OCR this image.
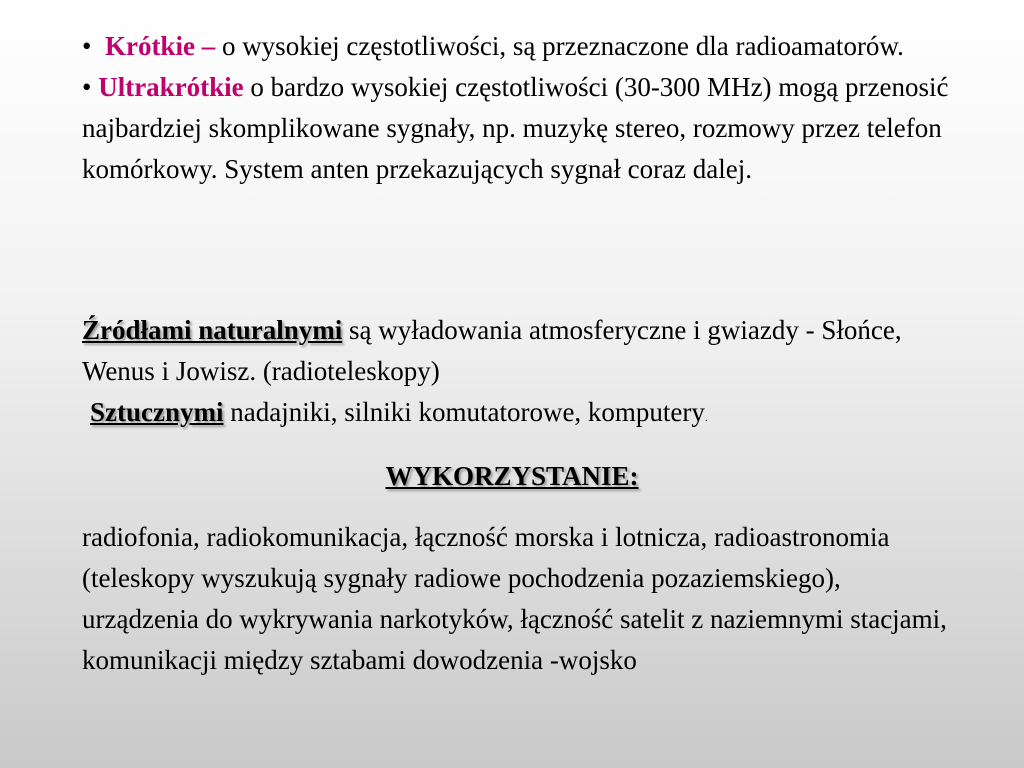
• Krótkie – o wysokiej częstotliwości, są przeznaczone dla radioamatorów.
• Ultrakrótkie o bardzo wysokiej częstotliwości (30-300 MHz) mogą przenosić najbardziej skomplikowane sygnały, np. muzykę stereo, rozmowy przez telefon komórkowy. System anten przekazujących sygnał coraz dalej.
Źródłami naturalnymi są wyładowania atmosferyczne i gwiazdy - Słońce, Wenus i Jowisz. (radioteleskopy)
Sztucznymi nadajniki, silniki komutatorowe, komputery.
WYKORZYSTANIE:
radiofonia, radiokomunikacja, łączność morska i lotnicza, radioastronomia (teleskopy wyszukują sygnały radiowe pochodzenia pozaziemskiego), urządzenia do wykrywania narkotyków, łączność satelit z naziemnymi stacjami, komunikacji między sztabami dowodzenia -wojsko
